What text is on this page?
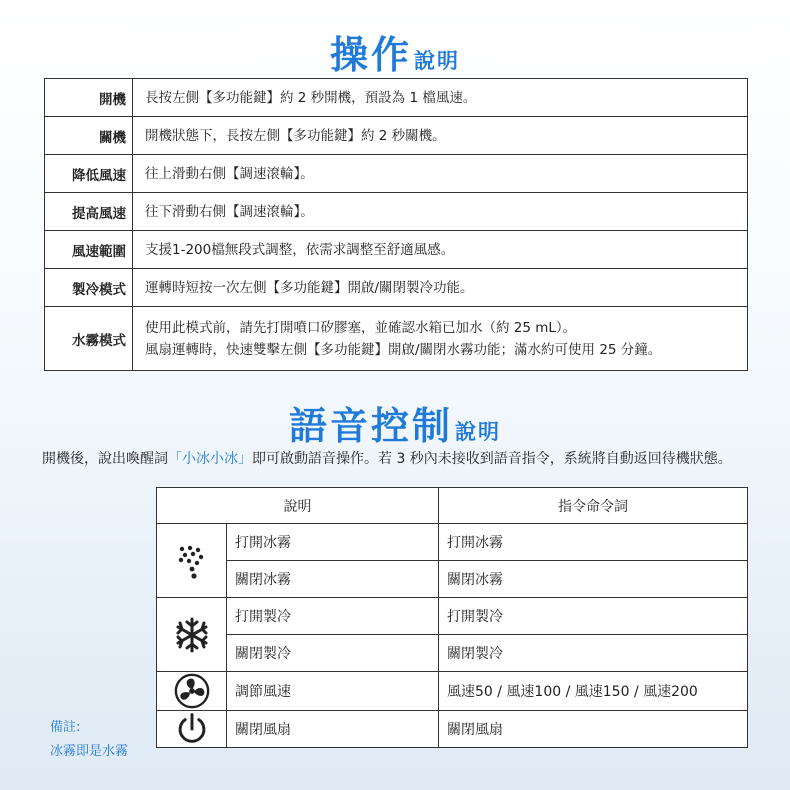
操作說明
開機	長按左側【多功能鍵】約 2 秒開機，預設為 1 檔風速。
關機	開機狀態下，長按左側【多功能鍵】約 2 秒關機。
降低風速	往上滑動右側【調速滾輪】。
提高風速	往下滑動右側【調速滾輪】。
風速範圍	支援1-200檔無段式調整，依需求調整至舒適風感。
製冷模式	運轉時短按一次左側【多功能鍵】開啟/關閉製冷功能。
水霧模式	使用此模式前，請先打開噴口矽膠塞，並確認水箱已加水（約 25 mL）。
風扇運轉時，快速雙擊左側【多功能鍵】開啟/關閉水霧功能；滿水約可使用 25 分鐘。
語音控制說明
開機後，說出喚醒詞「小冰小冰」即可啟動語音操作。若 3 秒內未接收到語音指令，系統將自動返回待機狀態。
說明		指令命令詞

	打開冰霧	打開冰霧
	關閉冰霧	關閉冰霧

	打開製冷	打開製冷
	關閉製冷	關閉製冷

	調節風速	風速50 / 風速100 / 風速150 / 風速200

	關閉風扇	關閉風扇
備註:
冰霧即是水霧
